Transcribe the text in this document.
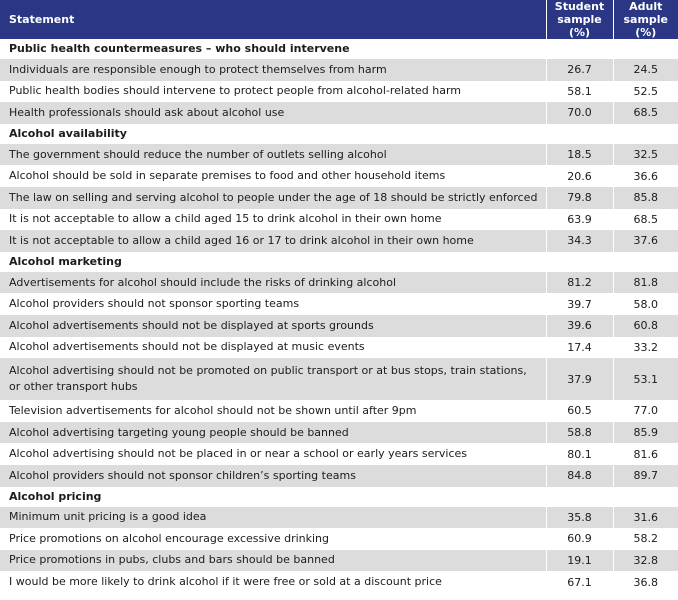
Statement	Student sample (%)	Adult sample (%)
Public health countermeasures – who should intervene		
Individuals are responsible enough to protect themselves from harm	26.7	24.5
Public health bodies should intervene to protect people from alcohol-related harm	58.1	52.5
Health professionals should ask about alcohol use	70.0	68.5
Alcohol availability		
The government should reduce the number of outlets selling alcohol	18.5	32.5
Alcohol should be sold in separate premises to food and other household items	20.6	36.6
The law on selling and serving alcohol to people under the age of 18 should be strictly enforced	79.8	85.8
It is not acceptable to allow a child aged 15 to drink alcohol in their own home	63.9	68.5
It is not acceptable to allow a child aged 16 or 17 to drink alcohol in their own home	34.3	37.6
Alcohol marketing		
Advertisements for alcohol should include the risks of drinking alcohol	81.2	81.8
Alcohol providers should not sponsor sporting teams	39.7	58.0
Alcohol advertisements should not be displayed at sports grounds	39.6	60.8
Alcohol advertisements should not be displayed at music events	17.4	33.2
Alcohol advertising should not be promoted on public transport or at bus stops, train stations, or other transport hubs	37.9	53.1
Television advertisements for alcohol should not be shown until after 9pm	60.5	77.0
Alcohol advertising targeting young people should be banned	58.8	85.9
Alcohol advertising should not be placed in or near a school or early years services	80.1	81.6
Alcohol providers should not sponsor children’s sporting teams	84.8	89.7
Alcohol pricing		
Minimum unit pricing is a good idea	35.8	31.6
Price promotions on alcohol encourage excessive drinking	60.9	58.2
Price promotions in pubs, clubs and bars should be banned	19.1	32.8
I would be more likely to drink alcohol if it were free or sold at a discount price	67.1	36.8
